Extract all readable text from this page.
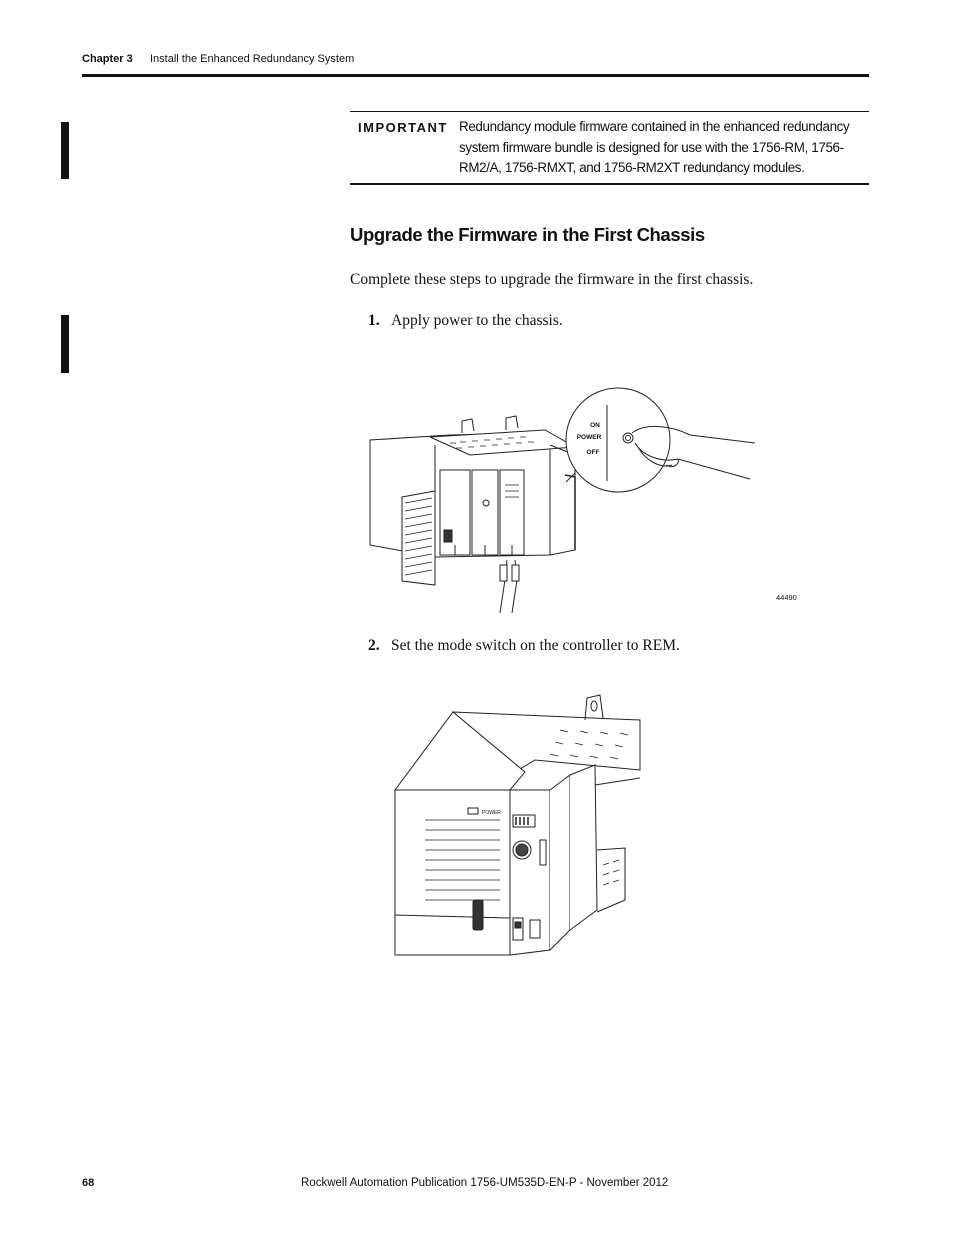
Chapter 3 Install the Enhanced Redundancy System
IMPORTANT Redundancy module firmware contained in the enhanced redundancy system firmware bundle is designed for use with the 1756-RM, 1756-RM2/A, 1756-RMXT, and 1756-RM2XT redundancy modules.
Upgrade the Firmware in the First Chassis
Complete these steps to upgrade the firmware in the first chassis.
1. Apply power to the chassis.
ON
POWER
OFF
44490
2. Set the mode switch on the controller to REM.
POWER
68	Rockwell Automation Publication 1756-UM535D-EN-P - November 2012
